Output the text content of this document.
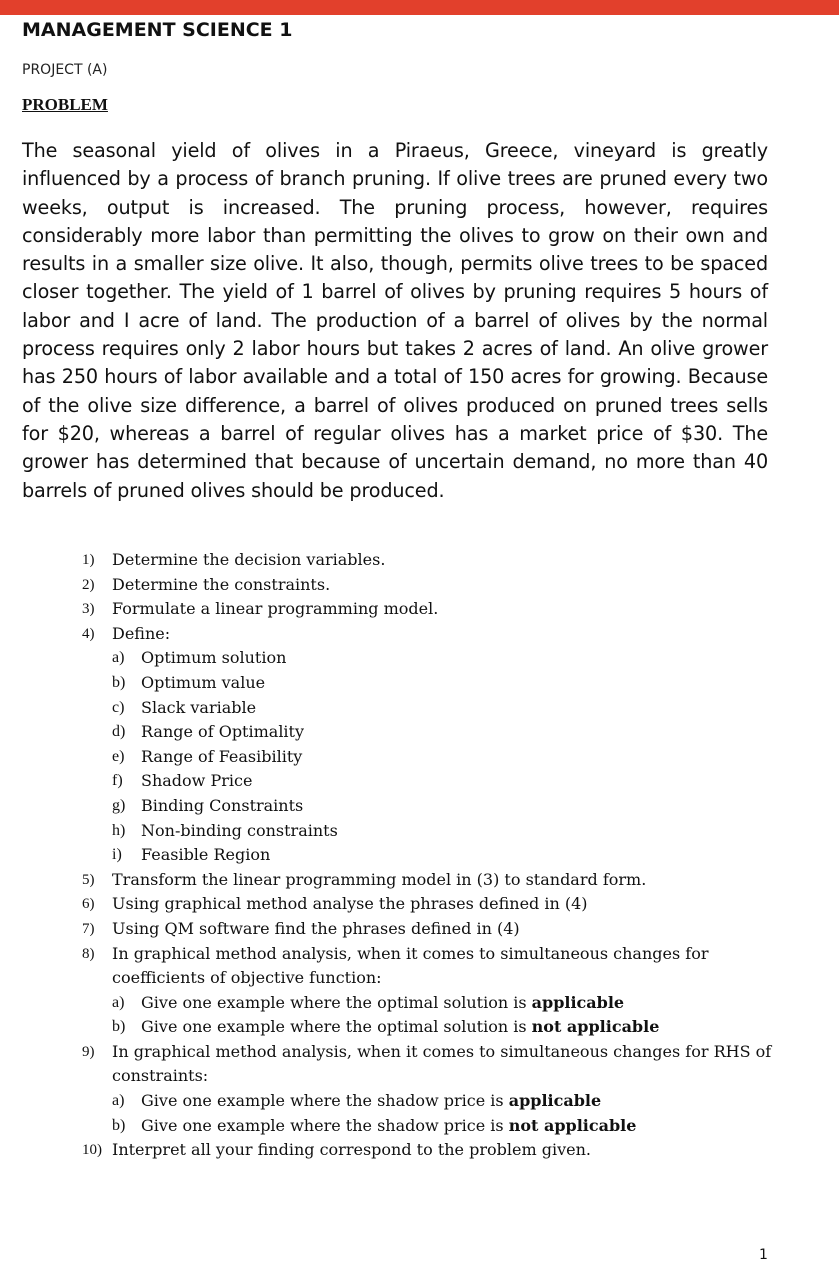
MANAGEMENT SCIENCE 1
PROJECT (A)
PROBLEM
The seasonal yield of olives in a Piraeus, Greece, vineyard is greatly influenced by a process of branch pruning. If olive trees are pruned every two weeks, output is increased. The pruning process, however, requires considerably more labor than permitting the olives to grow on their own and results in a smaller size olive. It also, though, permits olive trees to be spaced closer together. The yield of 1 barrel of olives by pruning requires 5 hours of labor and I acre of land. The production of a barrel of olives by the normal process requires only 2 labor hours but takes 2 acres of land. An olive grower has 250 hours of labor available and a total of 150 acres for growing. Because of the olive size difference, a barrel of olives produced on pruned trees sells for $20, whereas a barrel of regular olives has a market price of $30. The grower has determined that because of uncertain demand, no more than 40 barrels of pruned olives should be produced.
1) Determine the decision variables.
2) Determine the constraints.
3) Formulate a linear programming model.
4) Define:
a) Optimum solution
b) Optimum value
c) Slack variable
d) Range of Optimality
e) Range of Feasibility
f) Shadow Price
g) Binding Constraints
h) Non-binding constraints
i) Feasible Region
5) Transform the linear programming model in (3) to standard form.
6) Using graphical method analyse the phrases defined in (4)
7) Using QM software find the phrases defined in (4)
8) In graphical method analysis, when it comes to simultaneous changes for coefficients of objective function:
a) Give one example where the optimal solution is applicable
b) Give one example where the optimal solution is not applicable
9) In graphical method analysis, when it comes to simultaneous changes for RHS of constraints:
a) Give one example where the shadow price is applicable
b) Give one example where the shadow price is not applicable
10) Interpret all your finding correspond to the problem given.
1
